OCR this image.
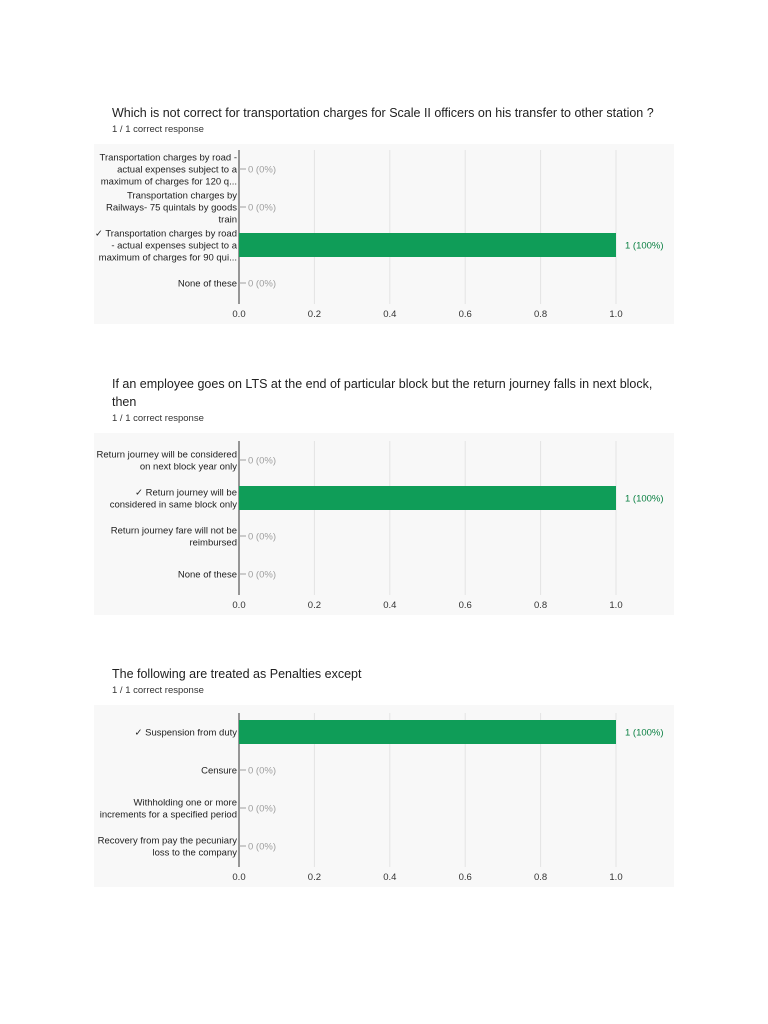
Which is not correct for transportation charges for Scale II officers on his transfer to other station ?
1 / 1 correct response
0.0	0.2	0.4	0.6	0.8	1.0
Transportation charges by road -actual expenses subject to a maximum of charges for 120 q...
0 (0%)
Transportation charges by Railways- 75 quintals by goods train
0 (0%)
✓ Transportation charges by road - actual expenses subject to a maximum of charges for 90 qui...
1 (100%)
None of these 0 (0%)
If an employee goes on LTS at the end of particular block but the return journey falls in next block, then
1 / 1 correct response
0.0	0.2	0.4	0.6	0.8	1.0
Return journey will be considered on next block year only
0 (0%)
✓ Return journey will be considered in same block only
1 (100%)
Return journey fare will not be reimbursed
0 (0%)
None of these 0 (0%)
The following are treated as Penalties except
1 / 1 correct response
0.0	0.2	0.4	0.6	0.8	1.0
✓ Suspension from duty	1 (100%)
Censure 0 (0%)
Withholding one or more increments for a specified period
0 (0%)
Recovery from pay the pecuniary loss to the company
0 (0%)
